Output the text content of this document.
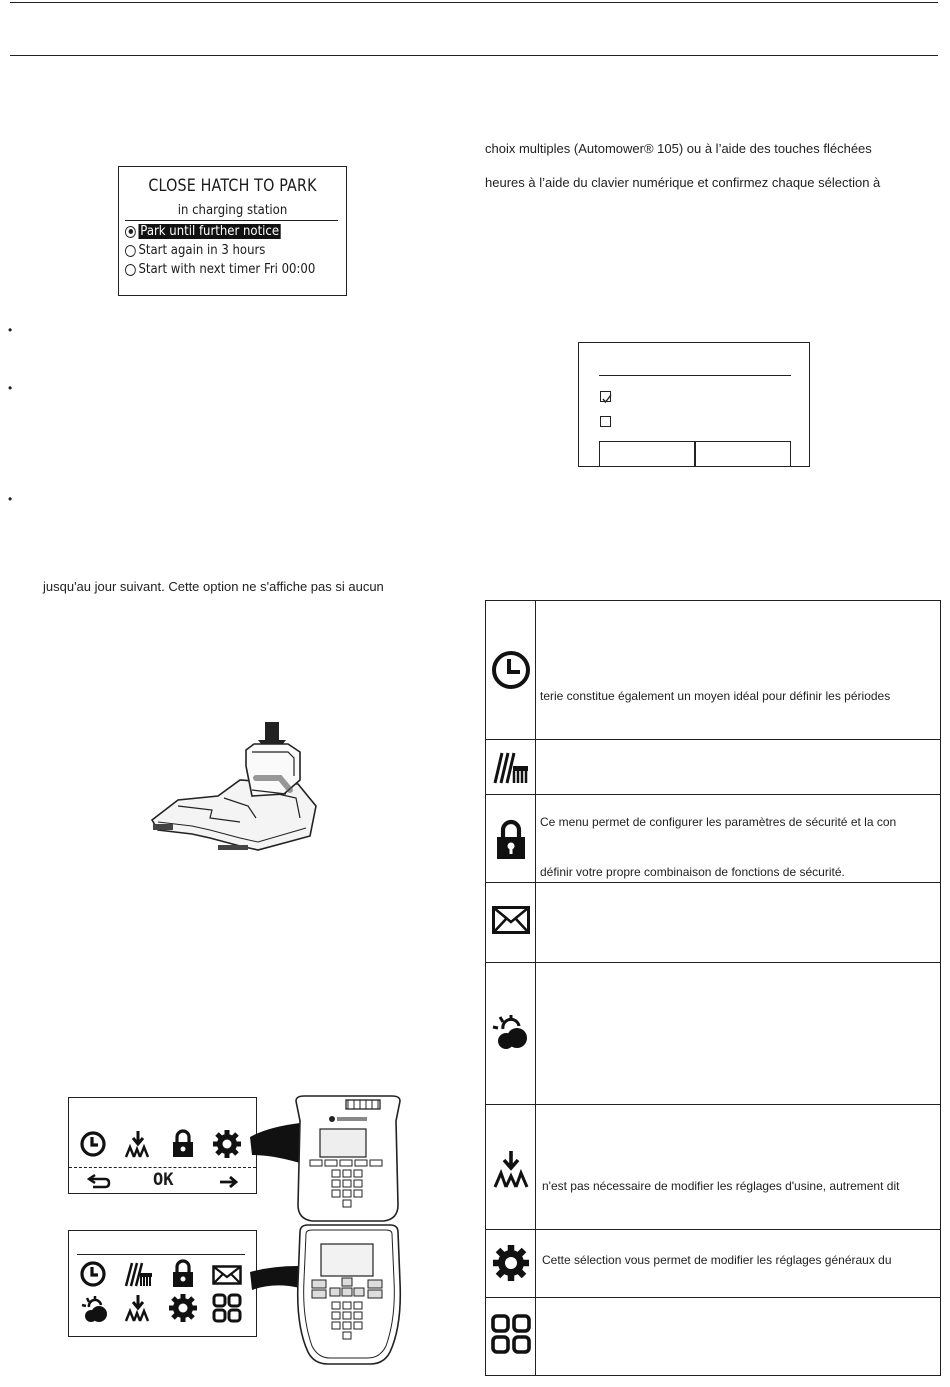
CLOSE HATCH TO PARK
in charging station
Park until further notice
Start again in 3 hours
Start with next timer Fri 00:00
•
•
•
jusqu'au jour suivant. Cette option ne s'affiche pas si aucun
choix multiples (Automower® 105) ou à l’aide des touches fléchées
heures à l’aide du clavier numérique et confirmez chaque sélection à
OK
terie constitue également un moyen idéal pour définir les périodes
Ce menu permet de configurer les paramètres de sécurité et la con
définir votre propre combinaison de fonctions de sécurité.
n'est pas nécessaire de modifier les réglages d'usine, autrement dit
Cette sélection vous permet de modifier les réglages généraux du
